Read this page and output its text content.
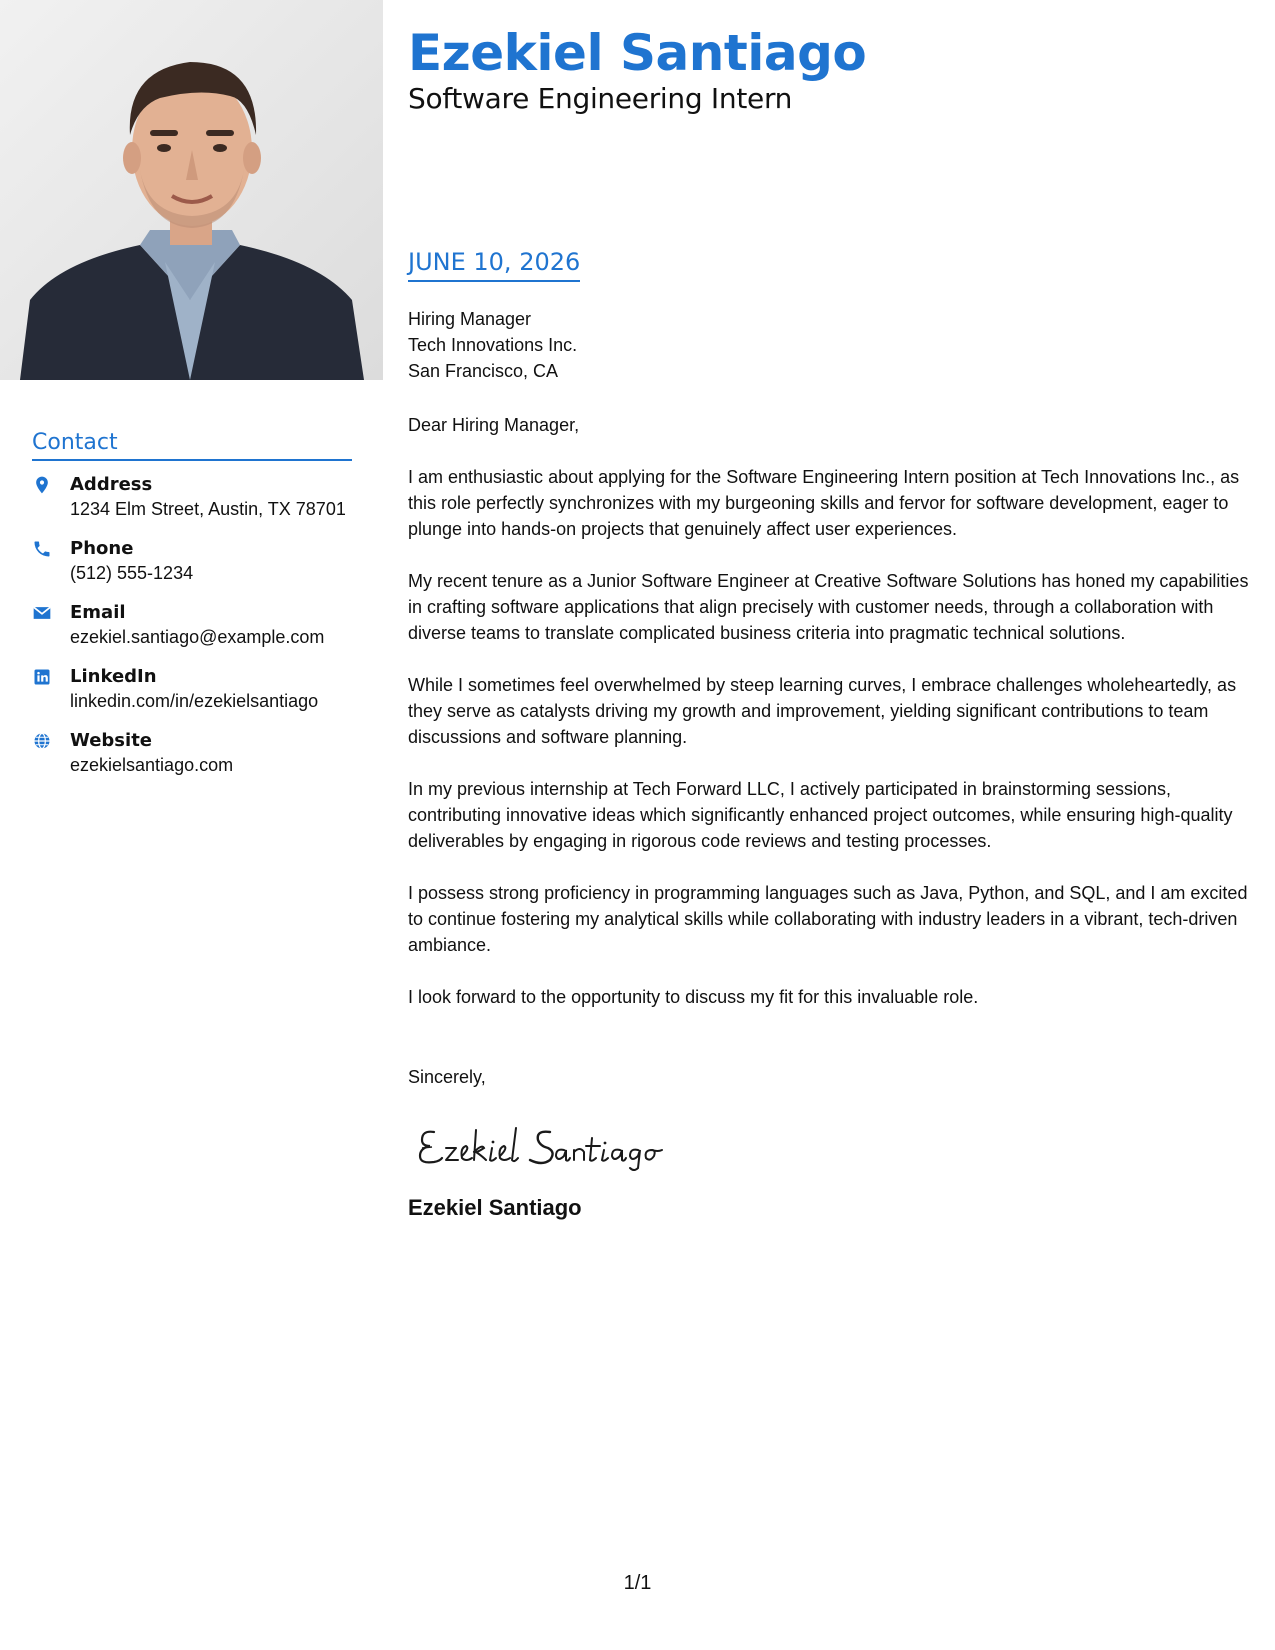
Contact
Address
1234 Elm Street, Austin, TX 78701
Phone
(512) 555-1234
Email
ezekiel.santiago@example.com
LinkedIn
linkedin.com/in/ezekielsantiago
Website
ezekielsantiago.com
Ezekiel Santiago
Software Engineering Intern
JUNE 10, 2026
Hiring Manager
Tech Innovations Inc.
San Francisco, CA
Dear Hiring Manager,
I am enthusiastic about applying for the Software Engineering Intern position at Tech Innovations Inc., as this role perfectly synchronizes with my burgeoning skills and fervor for software development, eager to plunge into hands-on projects that genuinely affect user experiences.
My recent tenure as a Junior Software Engineer at Creative Software Solutions has honed my capabilities in crafting software applications that align precisely with customer needs, through a collaboration with diverse teams to translate complicated business criteria into pragmatic technical solutions.
While I sometimes feel overwhelmed by steep learning curves, I embrace challenges wholeheartedly, as they serve as catalysts driving my growth and improvement, yielding significant contributions to team discussions and software planning.
In my previous internship at Tech Forward LLC, I actively participated in brainstorming sessions, contributing innovative ideas which significantly enhanced project outcomes, while ensuring high-quality deliverables by engaging in rigorous code reviews and testing processes.
I possess strong proficiency in programming languages such as Java, Python, and SQL, and I am excited to continue fostering my analytical skills while collaborating with industry leaders in a vibrant, tech-driven ambiance.
I look forward to the opportunity to discuss my fit for this invaluable role.
Sincerely,
Ezekiel Santiago
1/1
